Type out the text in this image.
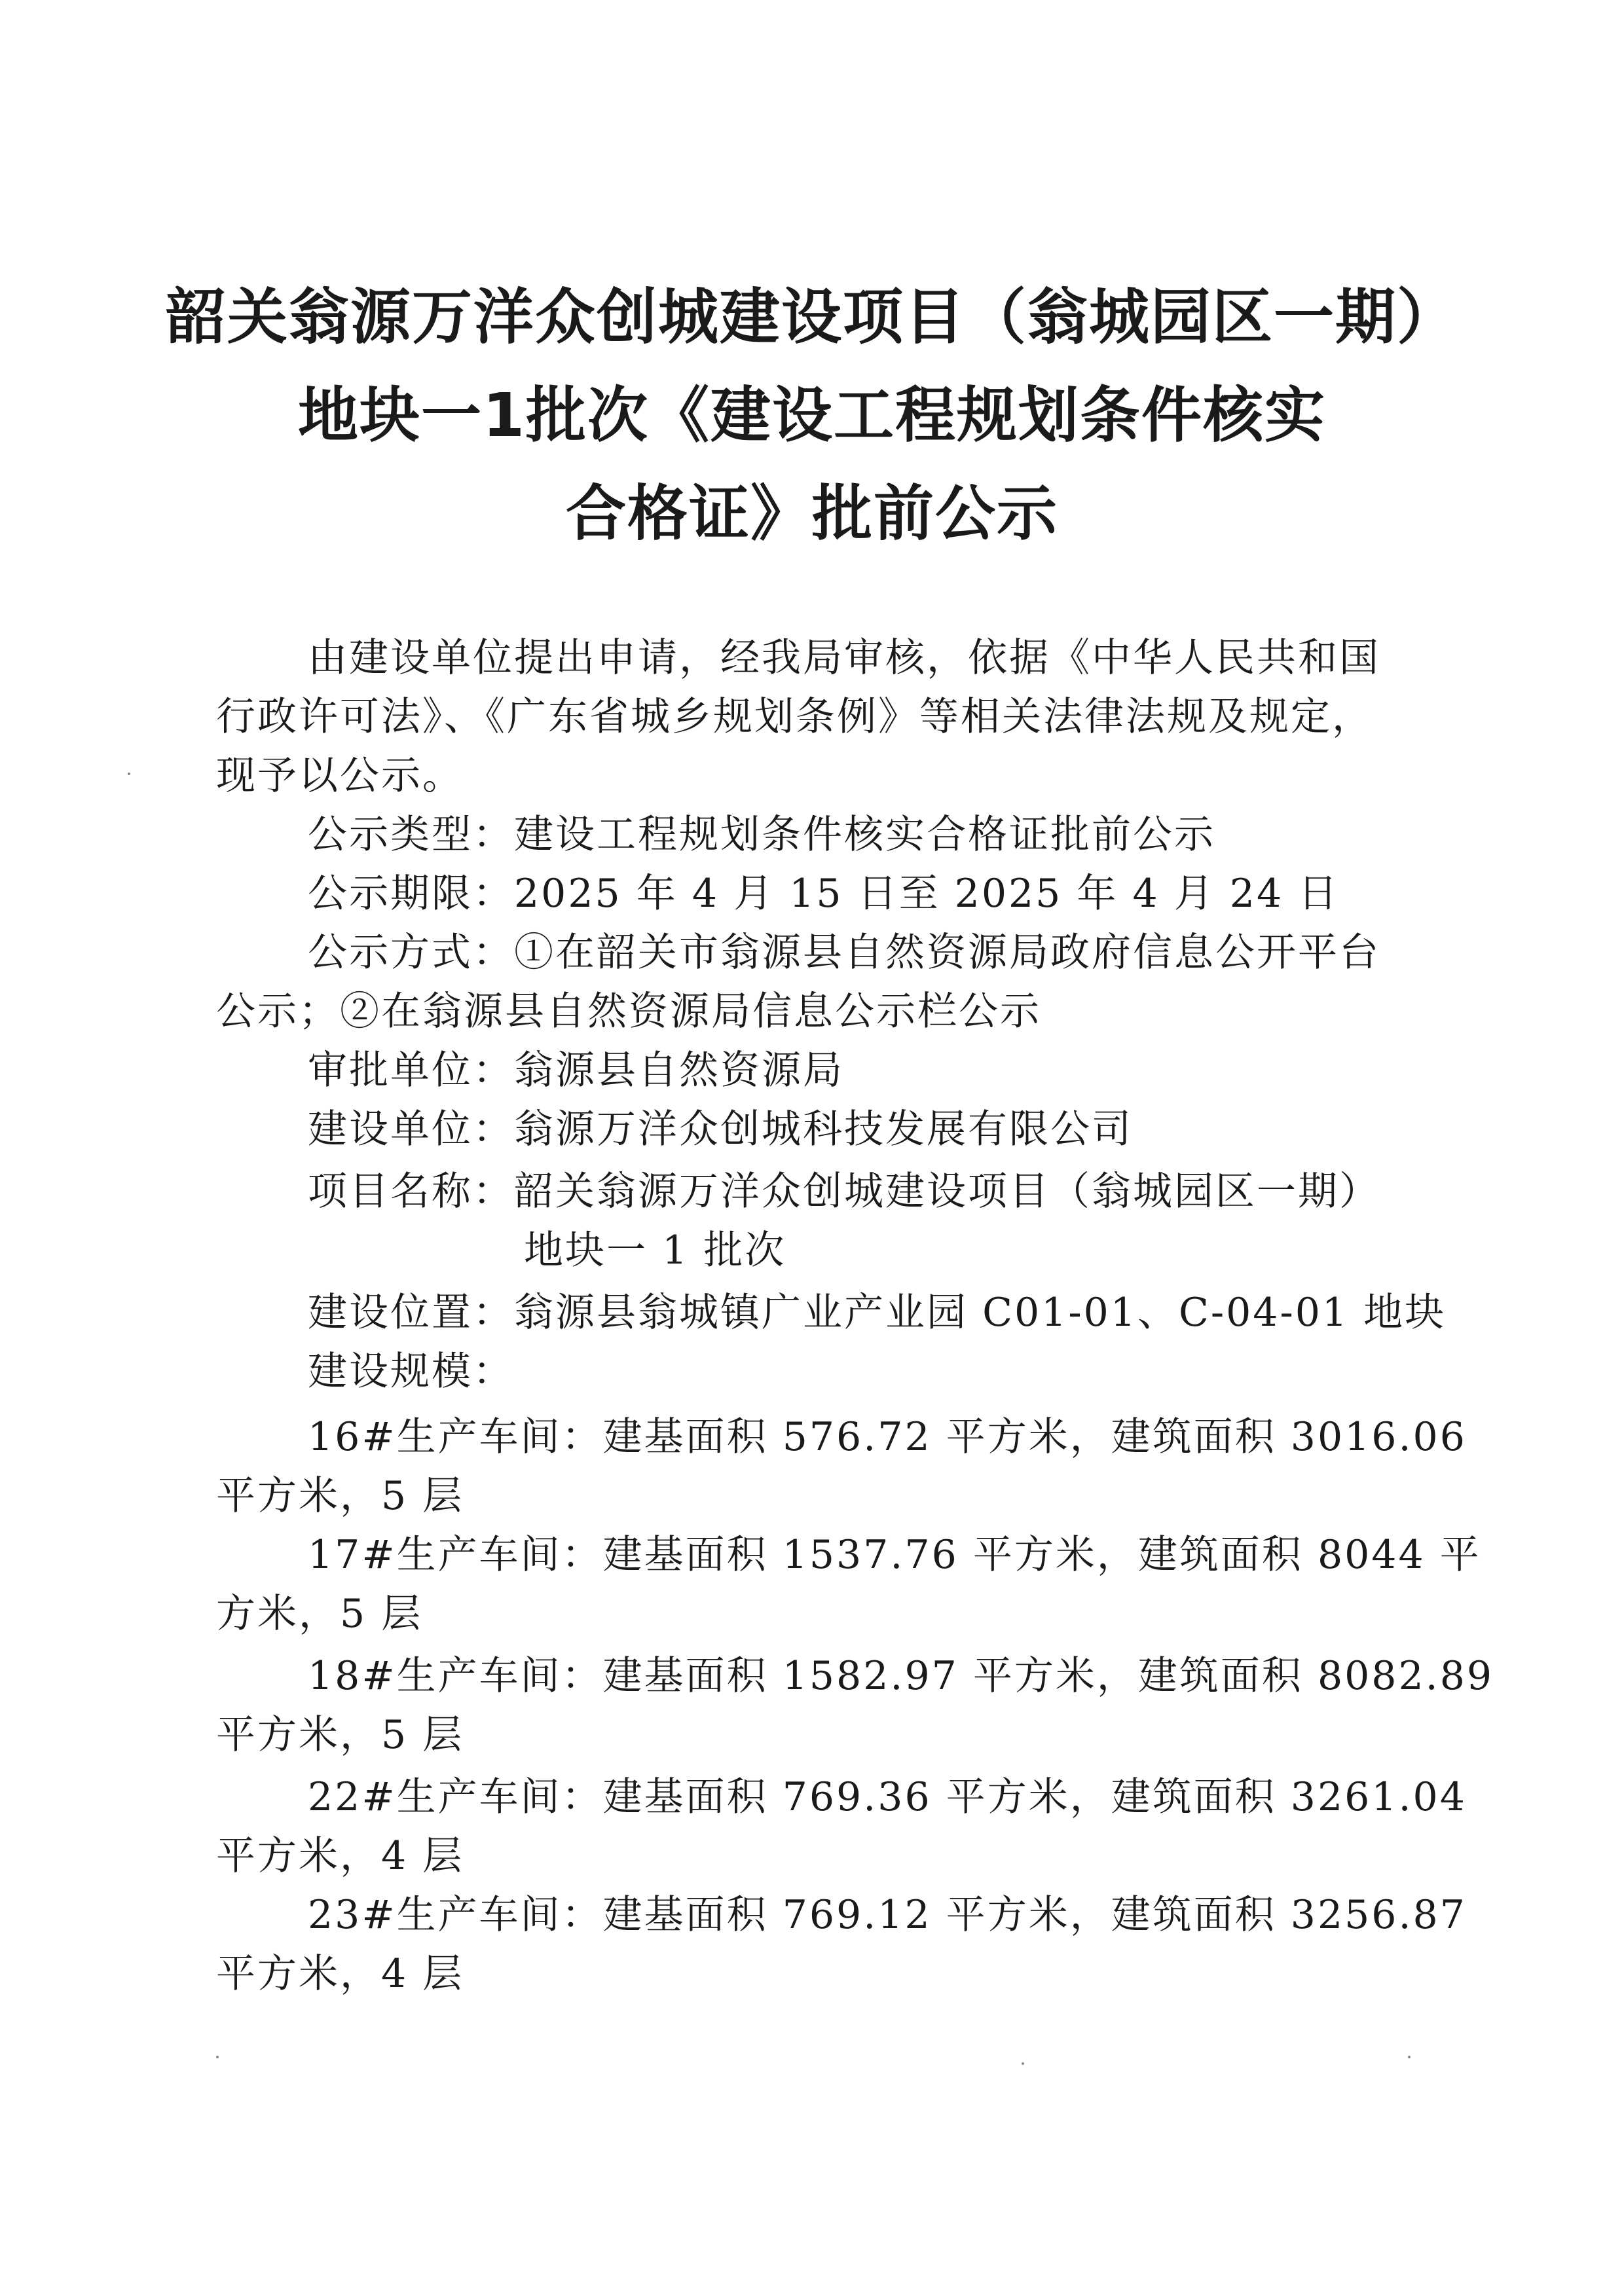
韶关翁源万洋众创城建设项目（翁城园区一期）
地块一1批次《建设工程规划条件核实
合格证》批前公示
由建设单位提出申请，经我局审核，依据《中华人民共和国
行政许可法》、《广东省城乡规划条例》等相关法律法规及规定，
现予以公示。
公示类型：建设工程规划条件核实合格证批前公示
公示期限：2025 年 4 月 15 日至 2025 年 4 月 24 日
公示方式：①在韶关市翁源县自然资源局政府信息公开平台
公示；②在翁源县自然资源局信息公示栏公示
审批单位：翁源县自然资源局
建设单位：翁源万洋众创城科技发展有限公司
项目名称：韶关翁源万洋众创城建设项目（翁城园区一期）
地块一 1 批次
建设位置：翁源县翁城镇广业产业园 C01-01、C-04-01 地块
建设规模：
16#生产车间：建基面积 576.72 平方米，建筑面积 3016.06
平方米，5 层
17#生产车间：建基面积 1537.76 平方米，建筑面积 8044 平
方米，5 层
18#生产车间：建基面积 1582.97 平方米，建筑面积 8082.89
平方米，5 层
22#生产车间：建基面积 769.36 平方米，建筑面积 3261.04
平方米，4 层
23#生产车间：建基面积 769.12 平方米，建筑面积 3256.87
平方米，4 层
